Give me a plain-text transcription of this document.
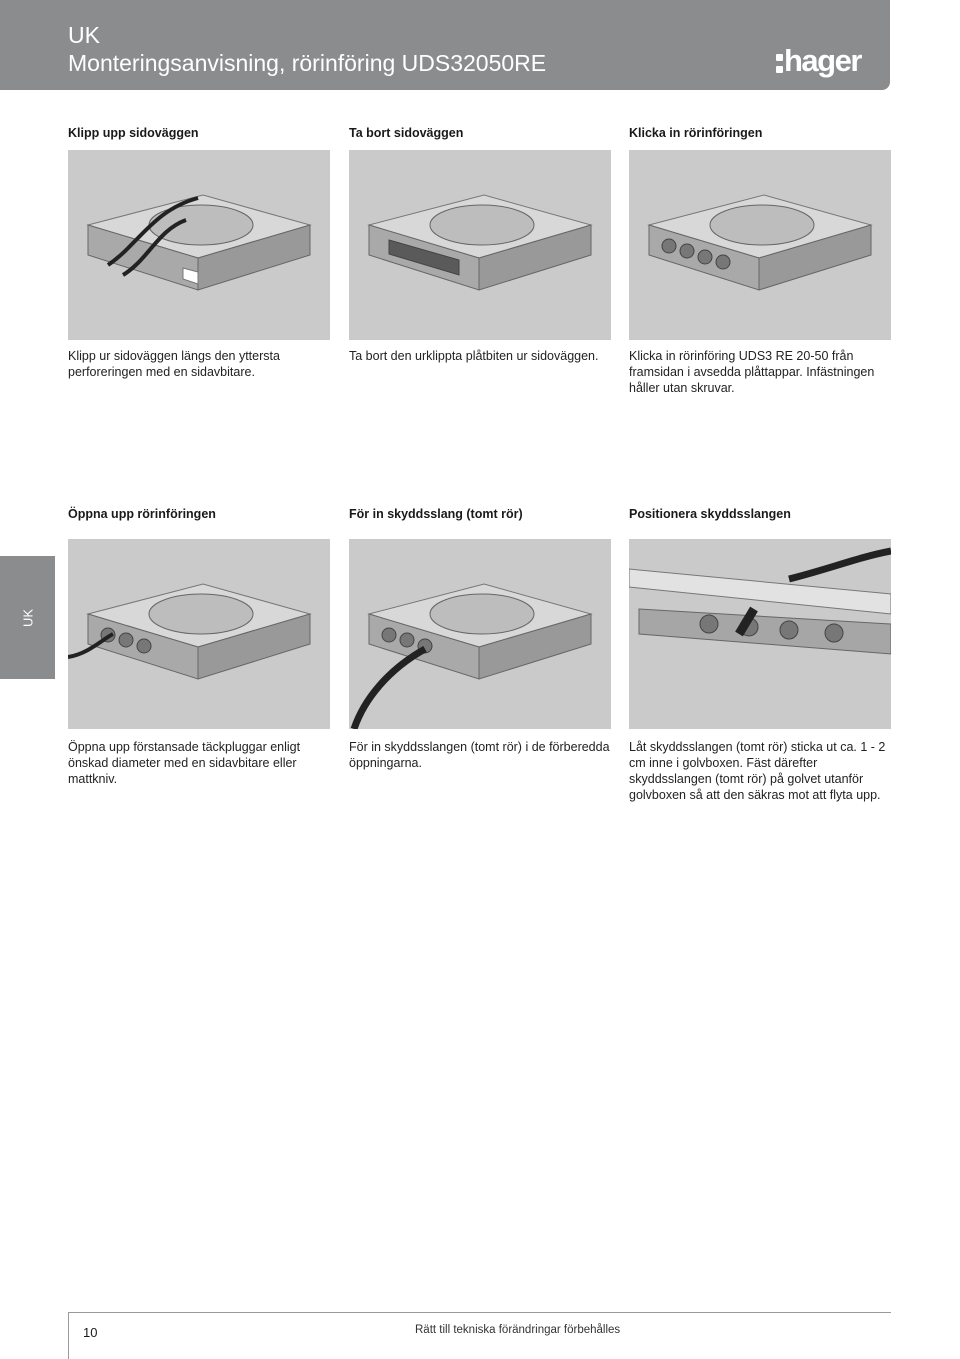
UK
Monteringsanvisning, rörinföring UDS32050RE	hager
UK
Klipp upp sidoväggen	Ta bort sidoväggen	Klicka in rörinföringen
Klipp ur sidoväggen längs den yttersta perforeringen med en sidavbitare.
Ta bort den urklippta plåtbiten ur sidoväggen.	Klicka in rörinföring UDS3 RE 20-50 från framsidan i avsedda plåttappar. Infästningen håller utan skruvar.
Öppna upp rörinföringen	För in skyddsslang (tomt rör)	Positionera skyddsslangen
Öppna upp förstansade täckpluggar enligt önskad diameter med en sidavbitare eller mattkniv.
För in skyddsslangen (tomt rör) i de förberedda öppningarna.
Låt skyddsslangen (tomt rör) sticka ut ca. 1 - 2 cm inne i golvboxen. Fäst därefter skyddsslangen (tomt rör) på golvet utanför golvboxen så att den säkras mot att flyta upp.
10	Rätt till tekniska förändringar förbehålles
